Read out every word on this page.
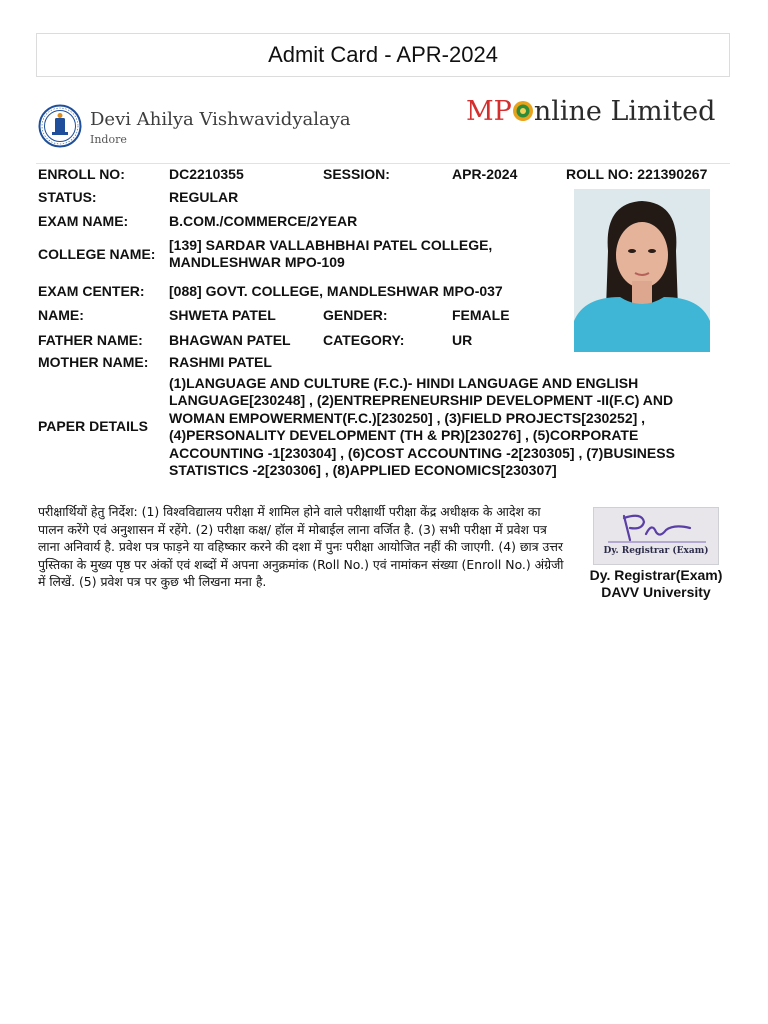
Admit Card - APR-2024
Devi Ahilya Vishwavidyalaya
Indore
MP nline Limited
ENROLL NO:	DC2210355	SESSION:	APR-2024	ROLL NO: 221390267
STATUS:	REGULAR
EXAM NAME:	B.COM./COMMERCE/2YEAR
COLLEGE NAME:
[139] SARDAR VALLABHBHAI PATEL COLLEGE, MANDLESHWAR MPO-109
EXAM CENTER: [088] GOVT. COLLEGE, MANDLESHWAR MPO-037
NAME:	SHWETA PATEL	GENDER:	FEMALE
FATHER NAME: BHAGWAN PATEL CATEGORY:	UR
MOTHER NAME: RASHMI PATEL
PAPER DETAILS
(1)LANGUAGE AND CULTURE (F.C.)- HINDI LANGUAGE AND ENGLISH LANGUAGE[230248] , (2)ENTREPRENEURSHIP DEVELOPMENT -II(F.C) AND WOMAN EMPOWERMENT(F.C.)[230250] , (3)FIELD PROJECTS[230252] , (4)PERSONALITY DEVELOPMENT (TH & PR)[230276] , (5)CORPORATE ACCOUNTING -1[230304] , (6)COST ACCOUNTING -2[230305] , (7)BUSINESS STATISTICS -2[230306] , (8)APPLIED ECONOMICS[230307]
परीक्षार्थियों हेतु निर्देश: (1) विश्वविद्यालय परीक्षा में शामिल होने वाले परीक्षार्थी परीक्षा केंद्र अधीक्षक के आदेश का पालन करेंगे एवं अनुशासन में रहेंगे. (2) परीक्षा कक्ष/ हॉल में मोबाईल लाना वर्जित है. (3) सभी परीक्षा में प्रवेश पत्र लाना अनिवार्य है. प्रवेश पत्र फाड़ने या वहिष्कार करने की दशा में पुनः परीक्षा आयोजित नहीं की जाएगी. (4) छात्र उत्तर पुस्तिका के मुख्य पृष्ठ पर अंकों एवं शब्दों में अपना अनुक्रमांक (Roll No.) एवं नामांकन संख्या (Enroll No.) अंग्रेजी में लिखें. (5) प्रवेश पत्र पर कुछ भी लिखना मना है.
Dy. Registrar (Exam)
Dy. Registrar(Exam)
DAVV University
